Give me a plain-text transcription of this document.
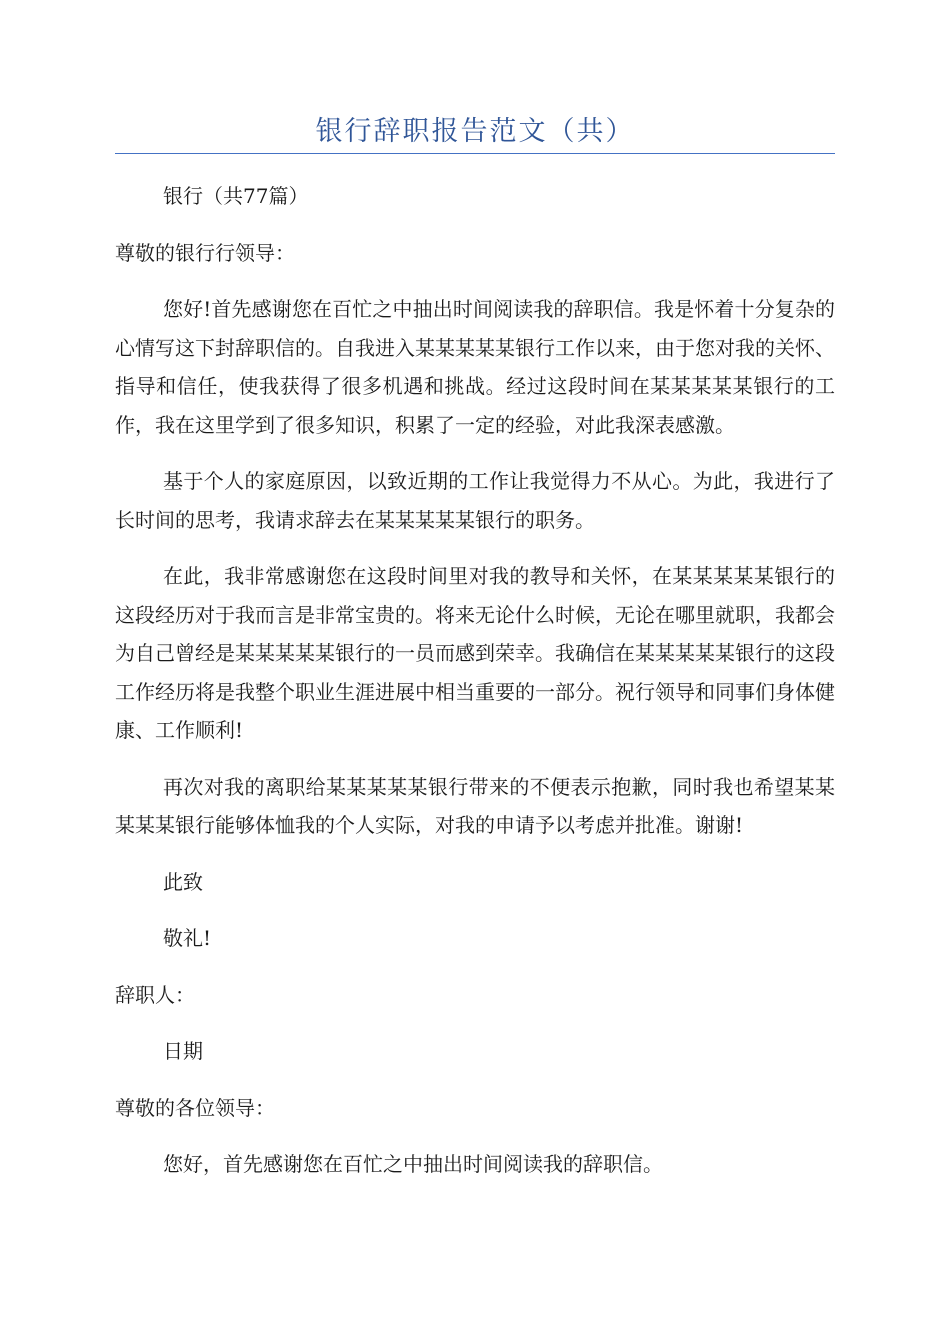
银行辞职报告范文（共）

银行（共77篇）

尊敬的银行行领导：

您好!首先感谢您在百忙之中抽出时间阅读我的辞职信。我是怀着十分复杂的心情写这下封辞职信的。自我进入某某某某某银行工作以来，由于您对我的关怀、指导和信任，使我获得了很多机遇和挑战。经过这段时间在某某某某某银行的工作，我在这里学到了很多知识，积累了一定的经验，对此我深表感激。

基于个人的家庭原因，以致近期的工作让我觉得力不从心。为此，我进行了长时间的思考，我请求辞去在某某某某某银行的职务。

在此，我非常感谢您在这段时间里对我的教导和关怀，在某某某某某银行的这段经历对于我而言是非常宝贵的。将来无论什么时候，无论在哪里就职，我都会为自己曾经是某某某某某银行的一员而感到荣幸。我确信在某某某某某银行的这段工作经历将是我整个职业生涯进展中相当重要的一部分。祝行领导和同事们身体健康、工作顺利!

再次对我的离职给某某某某某银行带来的不便表示抱歉，同时我也希望某某某某某银行能够体恤我的个人实际，对我的申请予以考虑并批准。谢谢!

此致

敬礼!

辞职人：

日期

尊敬的各位领导：

您好，首先感谢您在百忙之中抽出时间阅读我的辞职信。
